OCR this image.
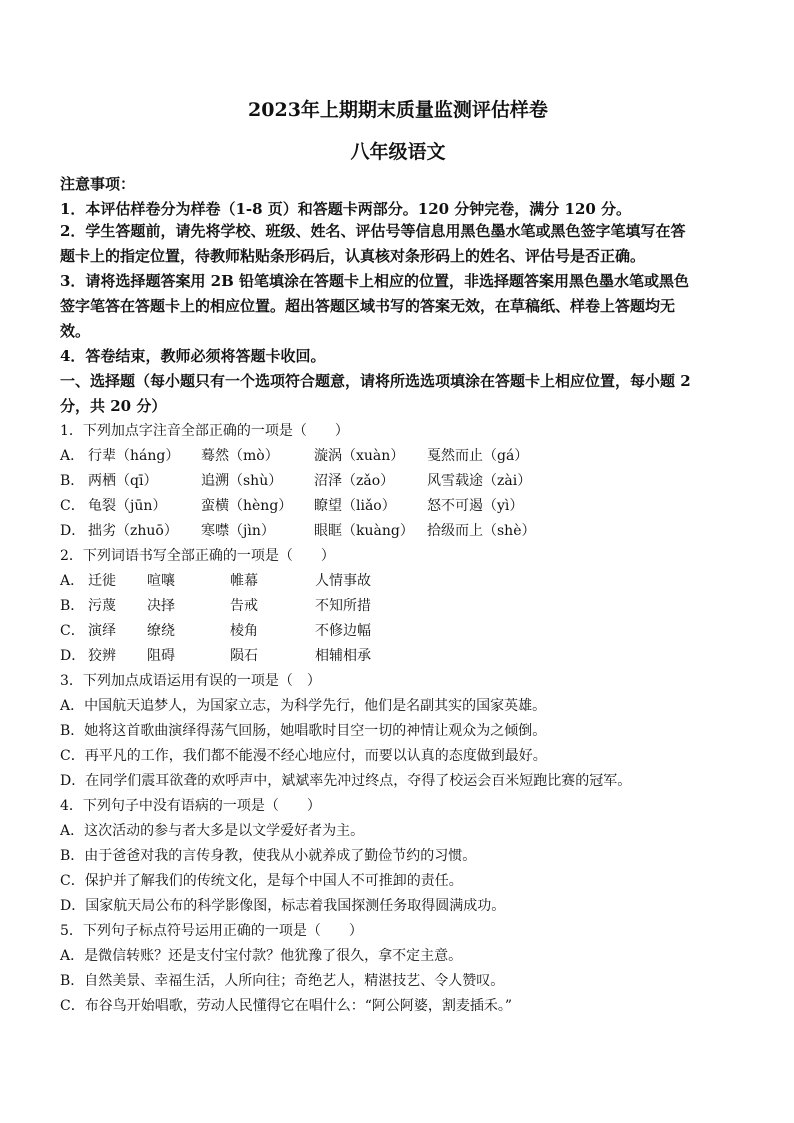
2023年上期期末质量监测评估样卷
八年级语文
注意事项：
1．本评估样卷分为样卷（1-8 页）和答题卡两部分。120 分钟完卷，满分 120 分。
2．学生答题前，请先将学校、班级、姓名、评估号等信息用黑色墨水笔或黑色签字笔填写在答
题卡上的指定位置，待教师粘贴条形码后，认真核对条形码上的姓名、评估号是否正确。
3．请将选择题答案用 2B 铅笔填涂在答题卡上相应的位置，非选择题答案用黑色墨水笔或黑色
签字笔答在答题卡上的相应位置。超出答题区域书写的答案无效，在草稿纸、样卷上答题均无
效。
4．答卷结束，教师必须将答题卡收回。
一、选择题（每小题只有一个选项符合题意，请将所选选项填涂在答题卡上相应位置，每小题 2
分，共 20 分）
1．下列加点字注音全部正确的一项是（　　）
A． 行辈（háng） 蓦然（mò）	漩涡（xuàn） 戛然而止（gá）
B． 两栖（qī）	追溯（shù） 沼泽（zǎo） 风雪载途（zài）
C． 龟裂（jūn） 蛮横（hèng） 瞭望（liǎo） 怒不可遏（yì）
D． 拙劣（zhuō） 寒噤（jìn）	眼眶（kuàng） 拾级而上（shè）
2．下列词语书写全部正确的一项是（　　）
A． 迁徙 喧嚷	帷幕	人情事故
B． 污蔑 决择	告戒	不知所措
C． 演绎 缭绕	棱角	不修边幅
D． 狡辨 阻碍	陨石	相辅相承
3．下列加点成语运用有误的一项是（　）
A．中国航天追梦人，为国家立志，为科学先行，他们是名副其实的国家英雄。
B．她将这首歌曲演绎得荡气回肠，她唱歌时目空一切的神情让观众为之倾倒。
C．再平凡的工作，我们都不能漫不经心地应付，而要以认真的态度做到最好。
D．在同学们震耳欲聋的欢呼声中，斌斌率先冲过终点，夺得了校运会百米短跑比赛的冠军。
4．下列句子中没有语病的一项是（　　）
A．这次活动的参与者大多是以文学爱好者为主。
B．由于爸爸对我的言传身教，使我从小就养成了勤俭节约的习惯。
C．保护并了解我们的传统文化，是每个中国人不可推卸的责任。
D．国家航天局公布的科学影像图，标志着我国探测任务取得圆满成功。
5．下列句子标点符号运用正确的一项是（　　）
A．是微信转账？还是支付宝付款？他犹豫了很久，拿不定主意。
B．自然美景、幸福生活，人所向往；奇绝艺人，精湛技艺、令人赞叹。
C．布谷鸟开始唱歌，劳动人民懂得它在唱什么：“阿公阿婆，割麦插禾。”
